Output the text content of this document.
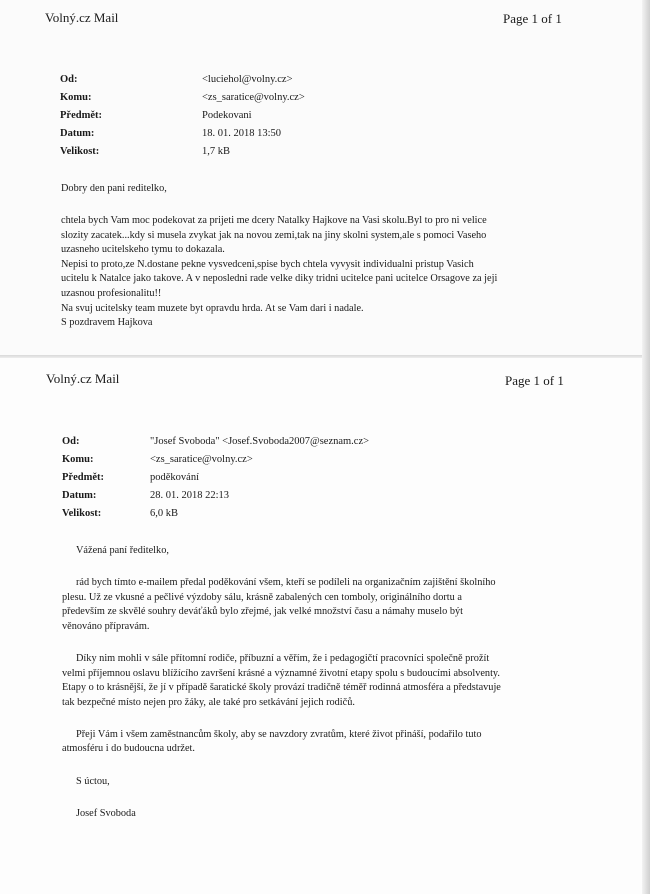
Volný.cz Mail	Page 1 of 1
Od:	<luciehol@volny.cz>
Komu:	<zs_saratice@volny.cz>
Předmět:	Podekovani
Datum:	18. 01. 2018 13:50
Velikost:	1,7 kB

Dobry den pani reditelko,

chtela bych Vam moc podekovat za prijeti me dcery Natalky Hajkove na Vasi skolu.Byl to pro ni velice

slozity zacatek...kdy si musela zvykat jak na novou zemi,tak na jiny skolni system,ale s pomoci Vaseho

uzasneho ucitelskeho tymu to dokazala.

Nepisi to proto,ze N.dostane pekne vysvedceni,spise bych chtela vyvysit individualni pristup Vasich

ucitelu k Natalce jako takove. A v neposledni rade velke diky tridni ucitelce pani ucitelce Orsagove za jeji

uzasnou profesionalitu!!

Na svuj ucitelsky team muzete byt opravdu hrda. At se Vam dari i nadale.

S pozdravem Hajkova

Volný.cz Mail	Page 1 of 1
Od:	"Josef Svoboda" <Josef.Svoboda2007@seznam.cz>
Komu:	<zs_saratice@volny.cz>
Předmět:	poděkování
Datum:	28. 01. 2018 22:13
Velikost:	6,0 kB

Vážená paní ředitelko,

rád bych tímto e-mailem předal poděkování všem, kteří se podíleli na organizačním zajištění školního

plesu. Už ze vkusné a pečlivé výzdoby sálu, krásně zabalených cen tomboly, originálního dortu a

především ze skvělé souhry deváťáků bylo zřejmé, jak velké množství času a námahy muselo být

věnováno přípravám.

Díky nim mohli v sále přítomní rodiče, příbuzní a věřím, že i pedagogičtí pracovníci společně prožít

velmi příjemnou oslavu blížícího završení krásné a významné životní etapy spolu s budoucími absolventy.

Etapy o to krásnější, že jí v případě šaratické školy provází tradičně téměř rodinná atmosféra a představuje

tak bezpečné místo nejen pro žáky, ale také pro setkávání jejich rodičů.

Přeji Vám i všem zaměstnancům školy, aby se navzdory zvratům, které život přináší, podařilo tuto

atmosféru i do budoucna udržet.

S úctou,

Josef Svoboda
